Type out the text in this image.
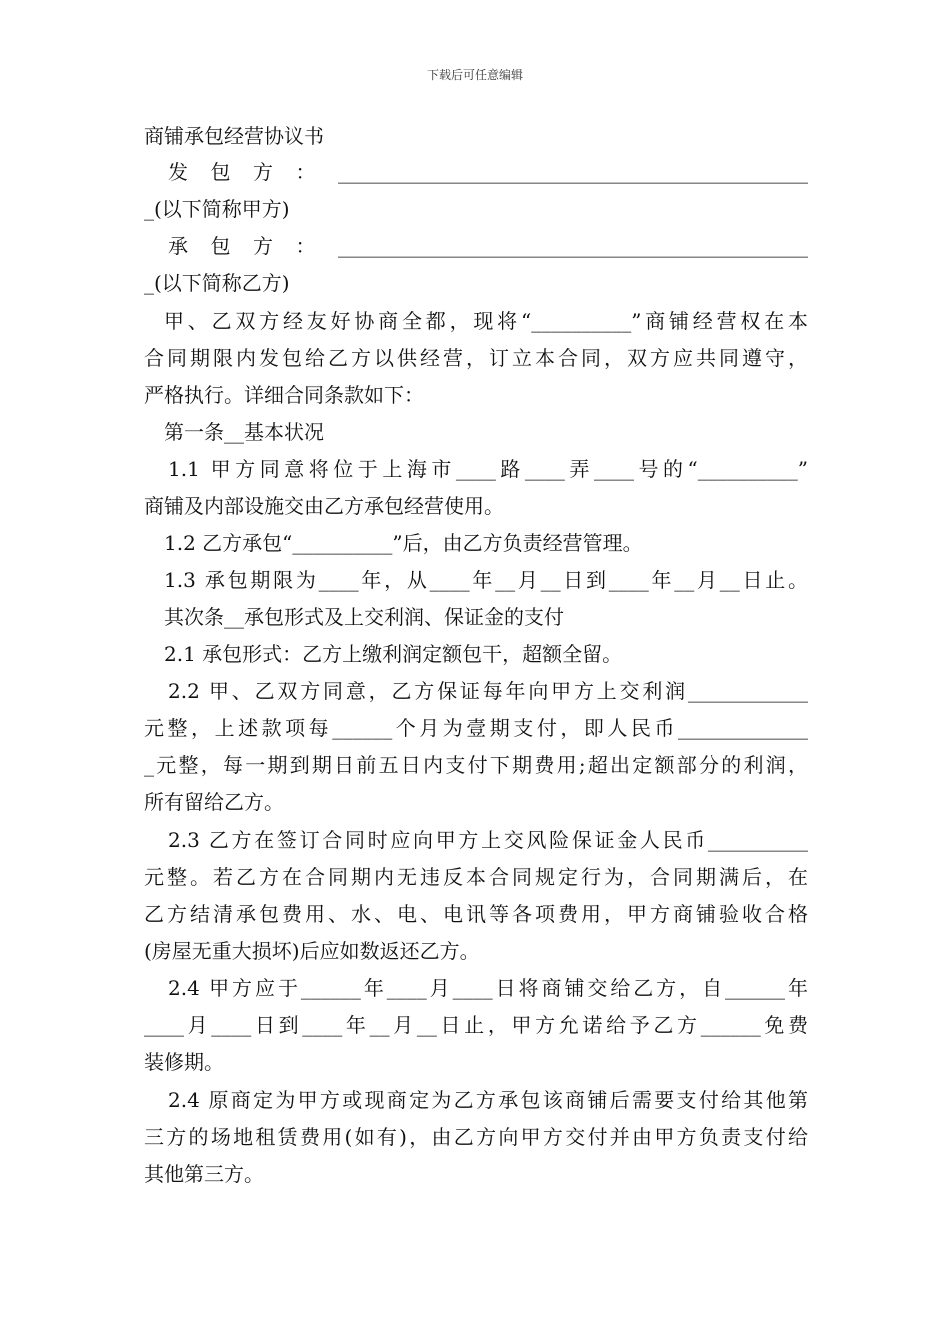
下载后可任意编辑
商铺承包经营协议书
发包方：_______________________________________________
_(以下简称甲方)
承包方：_______________________________________________
_(以下简称乙方)
甲、乙双方经友好协商全都，现将“__________”商铺经营权在本
合同期限内发包给乙方以供经营，订立本合同，双方应共同遵守，
严格执行。详细合同条款如下：
第一条__基本状况
1.1 甲方同意将位于上海市____路____弄____号的“__________”
商铺及内部设施交由乙方承包经营使用。
1.2 乙方承包“__________”后，由乙方负责经营管理。
1.3 承包期限为____年，从____年__月__日到____年__月__日止。
其次条__承包形式及上交利润、保证金的支付
2.1 承包形式：乙方上缴利润定额包干，超额全留。
2.2 甲、乙双方同意，乙方保证每年向甲方上交利润____________
元整，上述款项每______个月为壹期支付，即人民币_____________
_元整，每一期到期日前五日内支付下期费用;超出定额部分的利润，
所有留给乙方。
2.3 乙方在签订合同时应向甲方上交风险保证金人民币__________
元整。若乙方在合同期内无违反本合同规定行为，合同期满后，在
乙方结清承包费用、水、电、电讯等各项费用，甲方商铺验收合格
(房屋无重大损坏)后应如数返还乙方。
2.4 甲方应于______年____月____日将商铺交给乙方，自______年
____月____日到____年__月__日止，甲方允诺给予乙方______免费
装修期。
2.4 原商定为甲方或现商定为乙方承包该商铺后需要支付给其他第
三方的场地租赁费用(如有)，由乙方向甲方交付并由甲方负责支付给
其他第三方。
